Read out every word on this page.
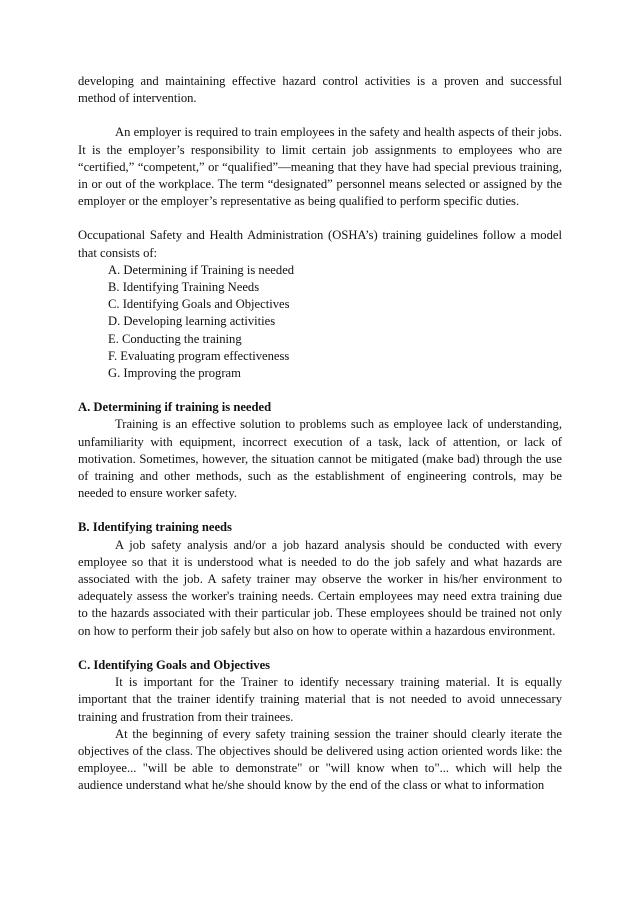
developing and maintaining effective hazard control activities is a proven and successful method of intervention.

An employer is required to train employees in the safety and health aspects of their jobs. It is the employer’s responsibility to limit certain job assignments to employees who are “certified,” “competent,” or “qualified”—meaning that they have had special previous training, in or out of the workplace. The term “designated” personnel means selected or assigned by the employer or the employer’s representative as being qualified to perform specific duties.

Occupational Safety and Health Administration (OSHA’s) training guidelines follow a model that consists of:

A. Determining if Training is needed
B. Identifying Training Needs
C. Identifying Goals and Objectives
D. Developing learning activities
E. Conducting the training
F. Evaluating program effectiveness
G. Improving the program

A. Determining if training is needed

Training is an effective solution to problems such as employee lack of understanding, unfamiliarity with equipment, incorrect execution of a task, lack of attention, or lack of motivation. Sometimes, however, the situation cannot be mitigated (make bad) through the use of training and other methods, such as the establishment of engineering controls, may be needed to ensure worker safety.

B. Identifying training needs

A job safety analysis and/or a job hazard analysis should be conducted with every employee so that it is understood what is needed to do the job safely and what hazards are associated with the job. A safety trainer may observe the worker in his/her environment to adequately assess the worker's training needs. Certain employees may need extra training due to the hazards associated with their particular job. These employees should be trained not only on how to perform their job safely but also on how to operate within a hazardous environment.

C. Identifying Goals and Objectives

It is important for the Trainer to identify necessary training material. It is equally important that the trainer identify training material that is not needed to avoid unnecessary training and frustration from their trainees.

At the beginning of every safety training session the trainer should clearly iterate the objectives of the class. The objectives should be delivered using action oriented words like: the employee... "will be able to demonstrate" or "will know when to"... which will help the audience understand what he/she should know by the end of the class or what to information
